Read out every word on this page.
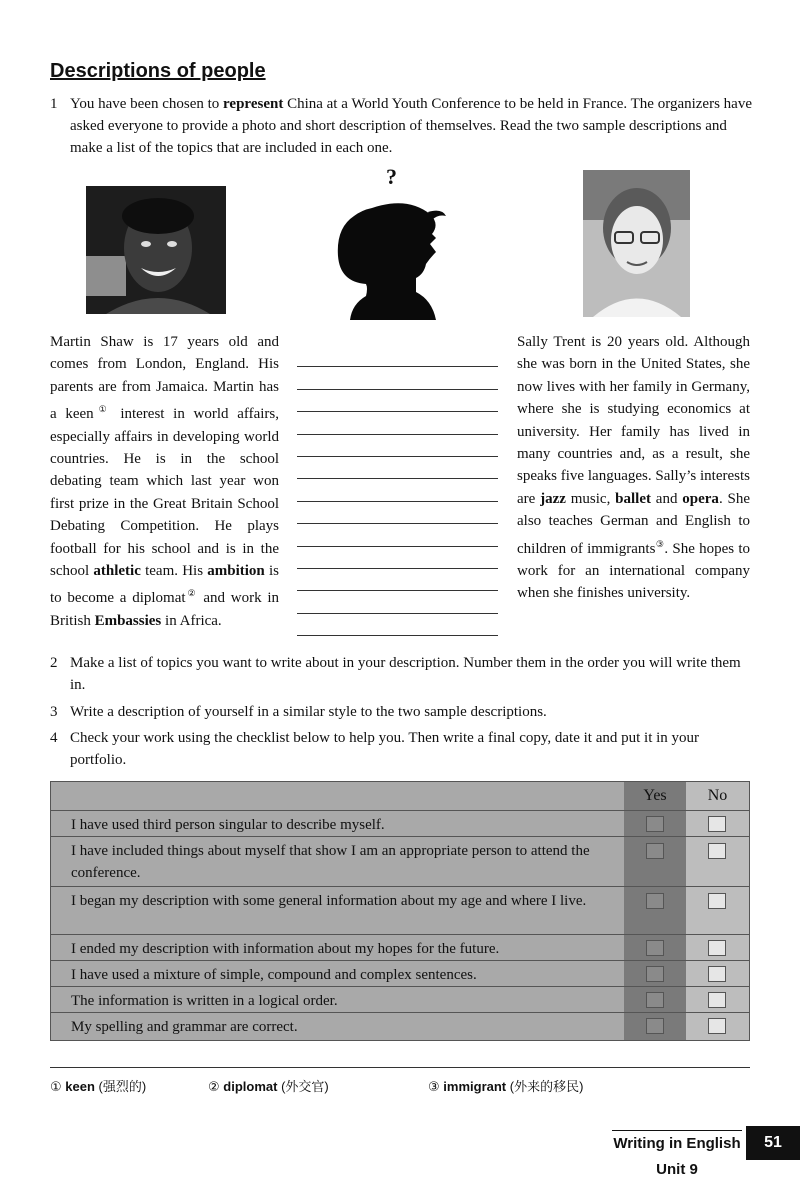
Descriptions of people
1 You have been chosen to represent China at a World Youth Conference to be held in France. The organizers have asked everyone to provide a photo and short description of themselves. Read the two sample descriptions and make a list of the topics that are included in each one.
?
Martin Shaw is 17 years old and comes from London, England. His parents are from Jamaica. Martin has a keen① interest in world affairs, especially affairs in developing world countries. He is in the school debating team which last year won first prize in the Great Britain School Debating Competition. He plays football for his school and is in the school athletic team. His ambition is to become a diplomat② and work in British Embassies in Africa.
Sally Trent is 20 years old. Although she was born in the United States, she now lives with her family in Germany, where she is studying economics at university. Her family has lived in many countries and, as a result, she speaks five languages. Sally’s interests are jazz music, ballet and opera. She also teaches German and English to children of immigrants③. She hopes to work for an international company when she finishes university.
2 Make a list of topics you want to write about in your description. Number them in the order you will write them in.
3 Write a description of yourself in a similar style to the two sample descriptions.
4 Check your work using the checklist below to help you. Then write a final copy, date it and put it in your portfolio.
Yes	No
I have used third person singular to describe myself.
I have included things about myself that show I am an appropriate person to attend the conference.
I began my description with some general information about my age and where I live.
I ended my description with information about my hopes for the future.
I have used a mixture of simple, compound and complex sentences.
The information is written in a logical order.
My spelling and grammar are correct.
① keen (强烈的)	② diplomat (外交官)	③ immigrant (外来的移民)
Writing in English Unit 9
51
